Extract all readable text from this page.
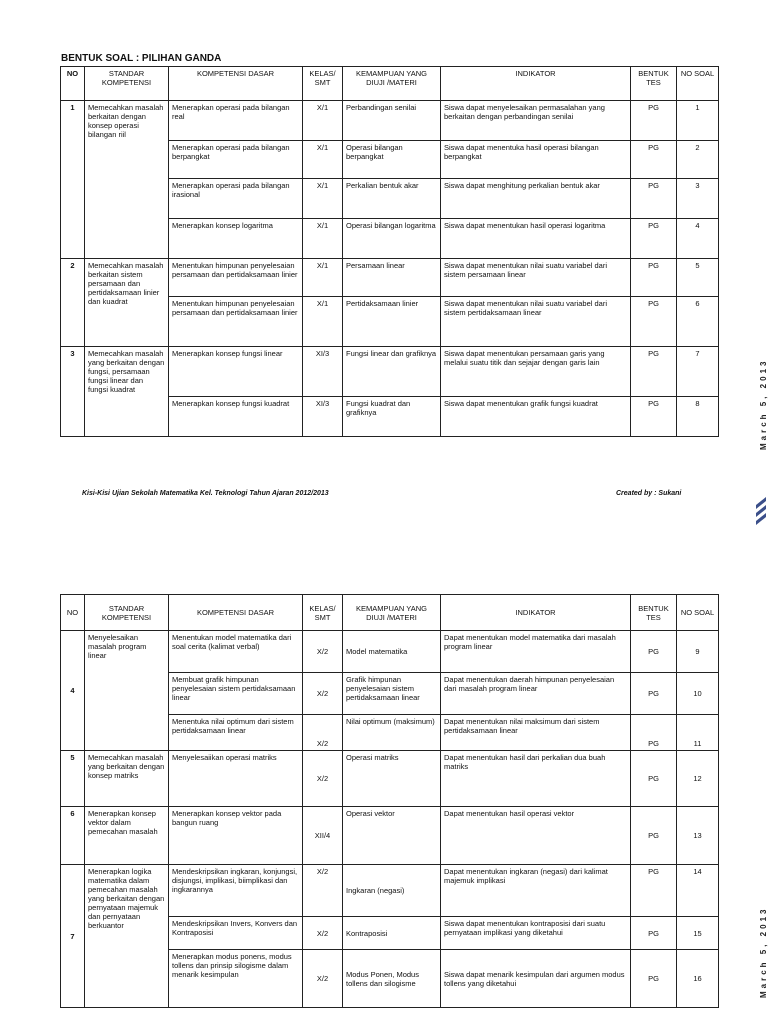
BENTUK SOAL : PILIHAN GANDA
NO	STANDAR KOMPETENSI	KOMPETENSI DASAR	KELAS/ SMT	KEMAMPUAN YANG DIUJI /MATERI	INDIKATOR	BENTUK TES	NO SOAL
1	Memecahkan masalah berkaitan dengan konsep operasi bilangan riil	Menerapkan operasi pada bilangan real	X/1	Perbandingan senilai	Siswa dapat menyelesaikan permasalahan yang berkaitan dengan perbandingan senilai	PG	1
		Menerapkan operasi pada bilangan berpangkat	X/1	Operasi bilangan berpangkat	Siswa dapat menentuka hasil operasi bilangan berpangkat	PG	2
		Menerapkan operasi pada bilangan irasional	X/1	Perkalian bentuk akar	Siswa dapat menghitung perkalian bentuk akar	PG	3
		Menerapkan konsep logaritma	X/1	Operasi bilangan logaritma	Siswa dapat menentukan hasil operasi logaritma	PG	4
2	Memecahkan masalah berkaitan sistem persamaan dan pertidaksamaan linier dan kuadrat	Menentukan himpunan penyelesaian persamaan dan pertidaksamaan linier	X/1	Persamaan linear	Siswa dapat menentukan nilai suatu variabel dari sistem persamaan linear	PG	5
		Menentukan himpunan penyelesaian persamaan dan pertidaksamaan linier	X/1	Pertidaksamaan linier	Siswa dapat menentukan nilai suatu variabel dari sistem pertidaksamaan linear	PG	6
3	Memecahkan masalah yang berkaitan dengan fungsi, persamaan fungsi linear dan fungsi kuadrat	Menerapkan konsep fungsi linear	XI/3	Fungsi linear dan grafiknya	Siswa dapat menentukan persamaan garis yang melalui suatu titik dan sejajar dengan garis lain	PG	7
		Menerapkan konsep fungsi kuadrat	XI/3	Fungsi kuadrat dan grafiknya	Siswa dapat menentukan grafik fungsi kuadrat	PG	8
Kisi-Kisi Ujian Sekolah Matematika Kel. Teknologi Tahun Ajaran 2012/2013	Created by : Sukani
March 5, 2013
March 5, 2013
NO	STANDAR KOMPETENSI	KOMPETENSI DASAR	KELAS/ SMT	KEMAMPUAN YANG DIUJI /MATERI	INDIKATOR	BENTUK TES	NO SOAL
4	Menyelesaikan masalah program linear	Menentukan model matematika dari soal cerita (kalimat verbal)	X/2	Model matematika	Dapat menentukan model matematika dari masalah program linear	PG	9
		Membuat grafik himpunan penyelesaian sistem pertidaksamaan linear	X/2	Grafik himpunan penyelesaian sistem pertidaksamaan linear	Dapat menentukan daerah himpunan penyelesaian dari masalah program linear	PG	10
		Menentuka nilai optimum dari sistem pertidaksamaan linear	X/2	Nilai optimum (maksimum)	Dapat menentukan nilai maksimum dari sistem pertidaksamaan linear	PG	11
5	Memecahkan masalah yang berkaitan dengan konsep matriks	Menyelesaiikan operasi matriks	X/2	Operasi matriks	Dapat menentukan hasil dari perkalian dua buah matriks	PG	12
6	Menerapkan konsep vektor dalam pemecahan masalah	Menerapkan konsep vektor pada bangun ruang	XII/4	Operasi vektor	Dapat menentukan hasil operasi vektor	PG	13
7	Menerapkan logika matematika dalam pemecahan masalah yang berkaitan dengan pernyataan majemuk dan pernyataan berkuantor	Mendeskripsikan ingkaran, konjungsi, disjungsi, implikasi, biimplikasi dan ingkarannya	X/2	Ingkaran (negasi)	Dapat menentukan ingkaran (negasi) dari kalimat majemuk implikasi	PG	14
		Mendeskripsikan Invers, Konvers dan Kontraposisi	X/2	Kontraposisi	Siswa dapat menentukan kontraposisi dari suatu pernyataan implikasi yang diketahui	PG	15
		Menerapkan modus ponens, modus tollens dan prinsip silogisme dalam menarik kesimpulan	X/2	Modus Ponen, Modus tollens dan silogisme	Siswa dapat menarik kesimpulan dari argumen modus tollens yang diketahui	PG	16
